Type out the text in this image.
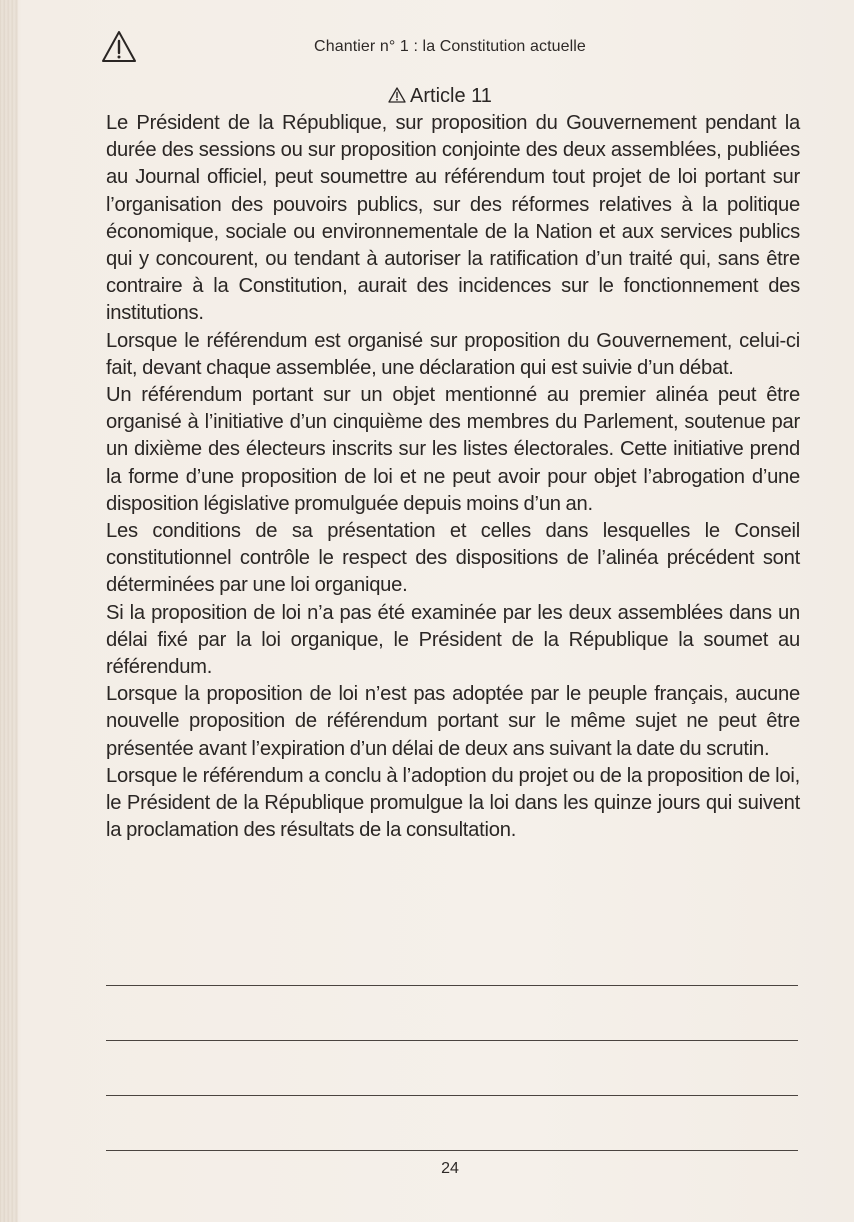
Chantier n° 1 : la Constitution actuelle
Article 11

Le Président de la République, sur proposition du Gouvernement pendant la durée des sessions ou sur proposition conjointe des deux assemblées, publiées au Journal officiel, peut soumettre au référendum tout projet de loi portant sur l’organisation des pouvoirs publics, sur des réformes relatives à la politique économique, sociale ou environnementale de la Nation et aux services publics qui y concourent, ou tendant à autoriser la ratification d’un traité qui, sans être contraire à la Constitution, aurait des incidences sur le fonctionnement des institutions.

Lorsque le référendum est organisé sur proposition du Gouvernement, celui-ci fait, devant chaque assemblée, une déclaration qui est suivie d’un débat.

Un référendum portant sur un objet mentionné au premier alinéa peut être organisé à l’initiative d’un cinquième des membres du Parlement, soutenue par un dixième des électeurs inscrits sur les listes électorales. Cette initiative prend la forme d’une proposition de loi et ne peut avoir pour objet l’abrogation d’une disposition législative promulguée depuis moins d’un an.

Les conditions de sa présentation et celles dans lesquelles le Conseil constitutionnel contrôle le respect des dispositions de l’alinéa précédent sont déterminées par une loi organique.

Si la proposition de loi n’a pas été examinée par les deux assemblées dans un délai fixé par la loi organique, le Président de la République la soumet au référendum.

Lorsque la proposition de loi n’est pas adoptée par le peuple français, aucune nouvelle proposition de référendum portant sur le même sujet ne peut être présentée avant l’expiration d’un délai de deux ans suivant la date du scrutin.

Lorsque le référendum a conclu à l’adoption du projet ou de la proposition de loi, le Président de la République promulgue la loi dans les quinze jours qui suivent la proclamation des résultats de la consultation.

24
